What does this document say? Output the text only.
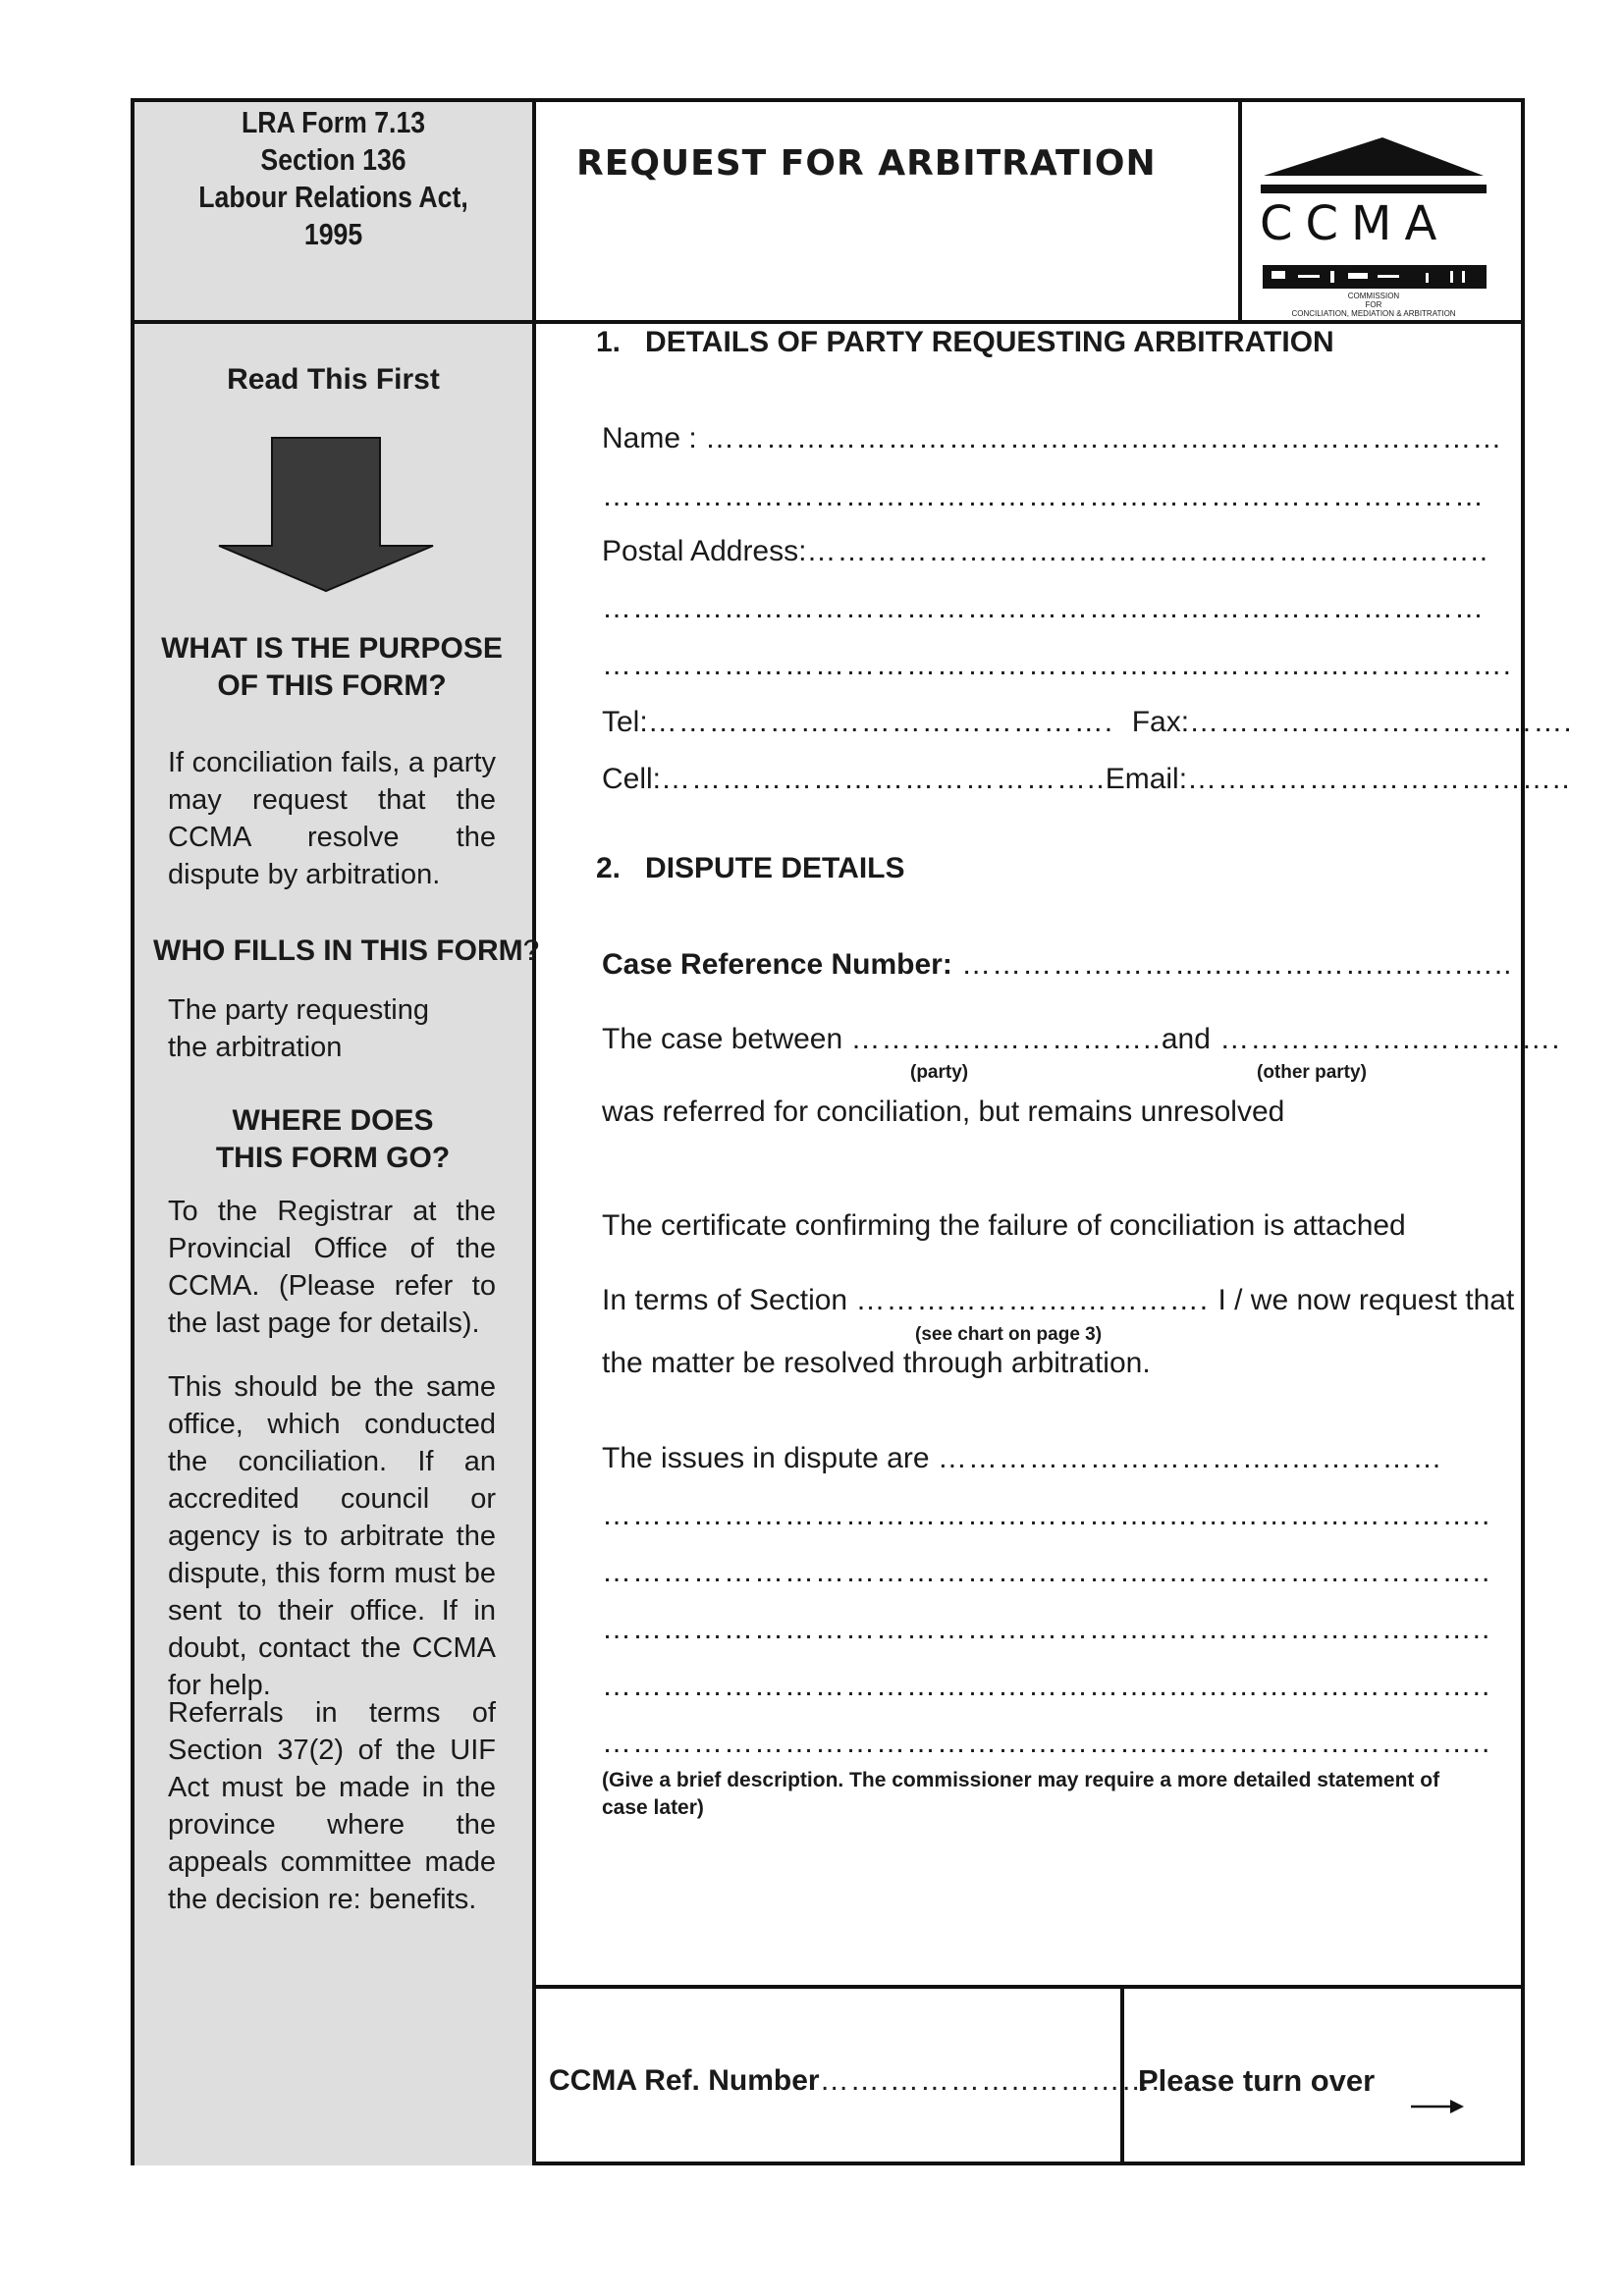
LRA Form 7.13
Section 136
Labour Relations Act,
1995
REQUEST FOR ARBITRATION
CCMA
COMMISSION
FOR
CONCILIATION, MEDIATION & ARBITRATION
Read This First
WHAT IS THE PURPOSE OF THIS FORM?
If conciliation fails, a party may request that the CCMA resolve the dispute by arbitration.
WHO FILLS IN THIS FORM?
The party requesting the arbitration
WHERE DOES THIS FORM GO?
To the Registrar at the Provincial Office of the CCMA. (Please refer to the last page for details).
This should be the same office, which conducted the conciliation. If an accredited council or agency is to arbitrate the dispute, this form must be sent to their office. If in doubt, contact the CCMA for help.
Referrals in terms of Section 37(2) of the UIF Act must be made in the province where the appeals committee made the decision re: benefits.
1.   DETAILS OF PARTY REQUESTING ARBITRATION
Name : ……………………………………..…….……………….………
……………………………………………………………………………
Postal Address:……………….……..……………..…………….……..
……………………………………………………………………………
……………………………………………………………..……………….
Tel:……………………………………….  Fax:…………….………………….
Cell:……………………………………..Email:………………………………..
2.   DISPUTE DETAILS
Case Reference Number: ……………………..……………..…….…..
The case between …………..……………..and ………………..……….….
(party)	(other party)
was referred for conciliation, but remains unresolved
The certificate confirming the failure of conciliation is attached
In terms of Section ………………….…………. I / we now request that
(see chart on page 3)
the matter be resolved through arbitration.
The issues in dispute are ……………………………..……………
………………………………………………..…………………………..
………………………………………………..…………………………..
………………………………………………..…………………………..
………………………………………………..…………………………..
………………………………………………..…………………………..
(Give a brief description. The commissioner may require a more detailed statement of case later)
CCMA Ref. Number…….…………..………….
Please turn over
